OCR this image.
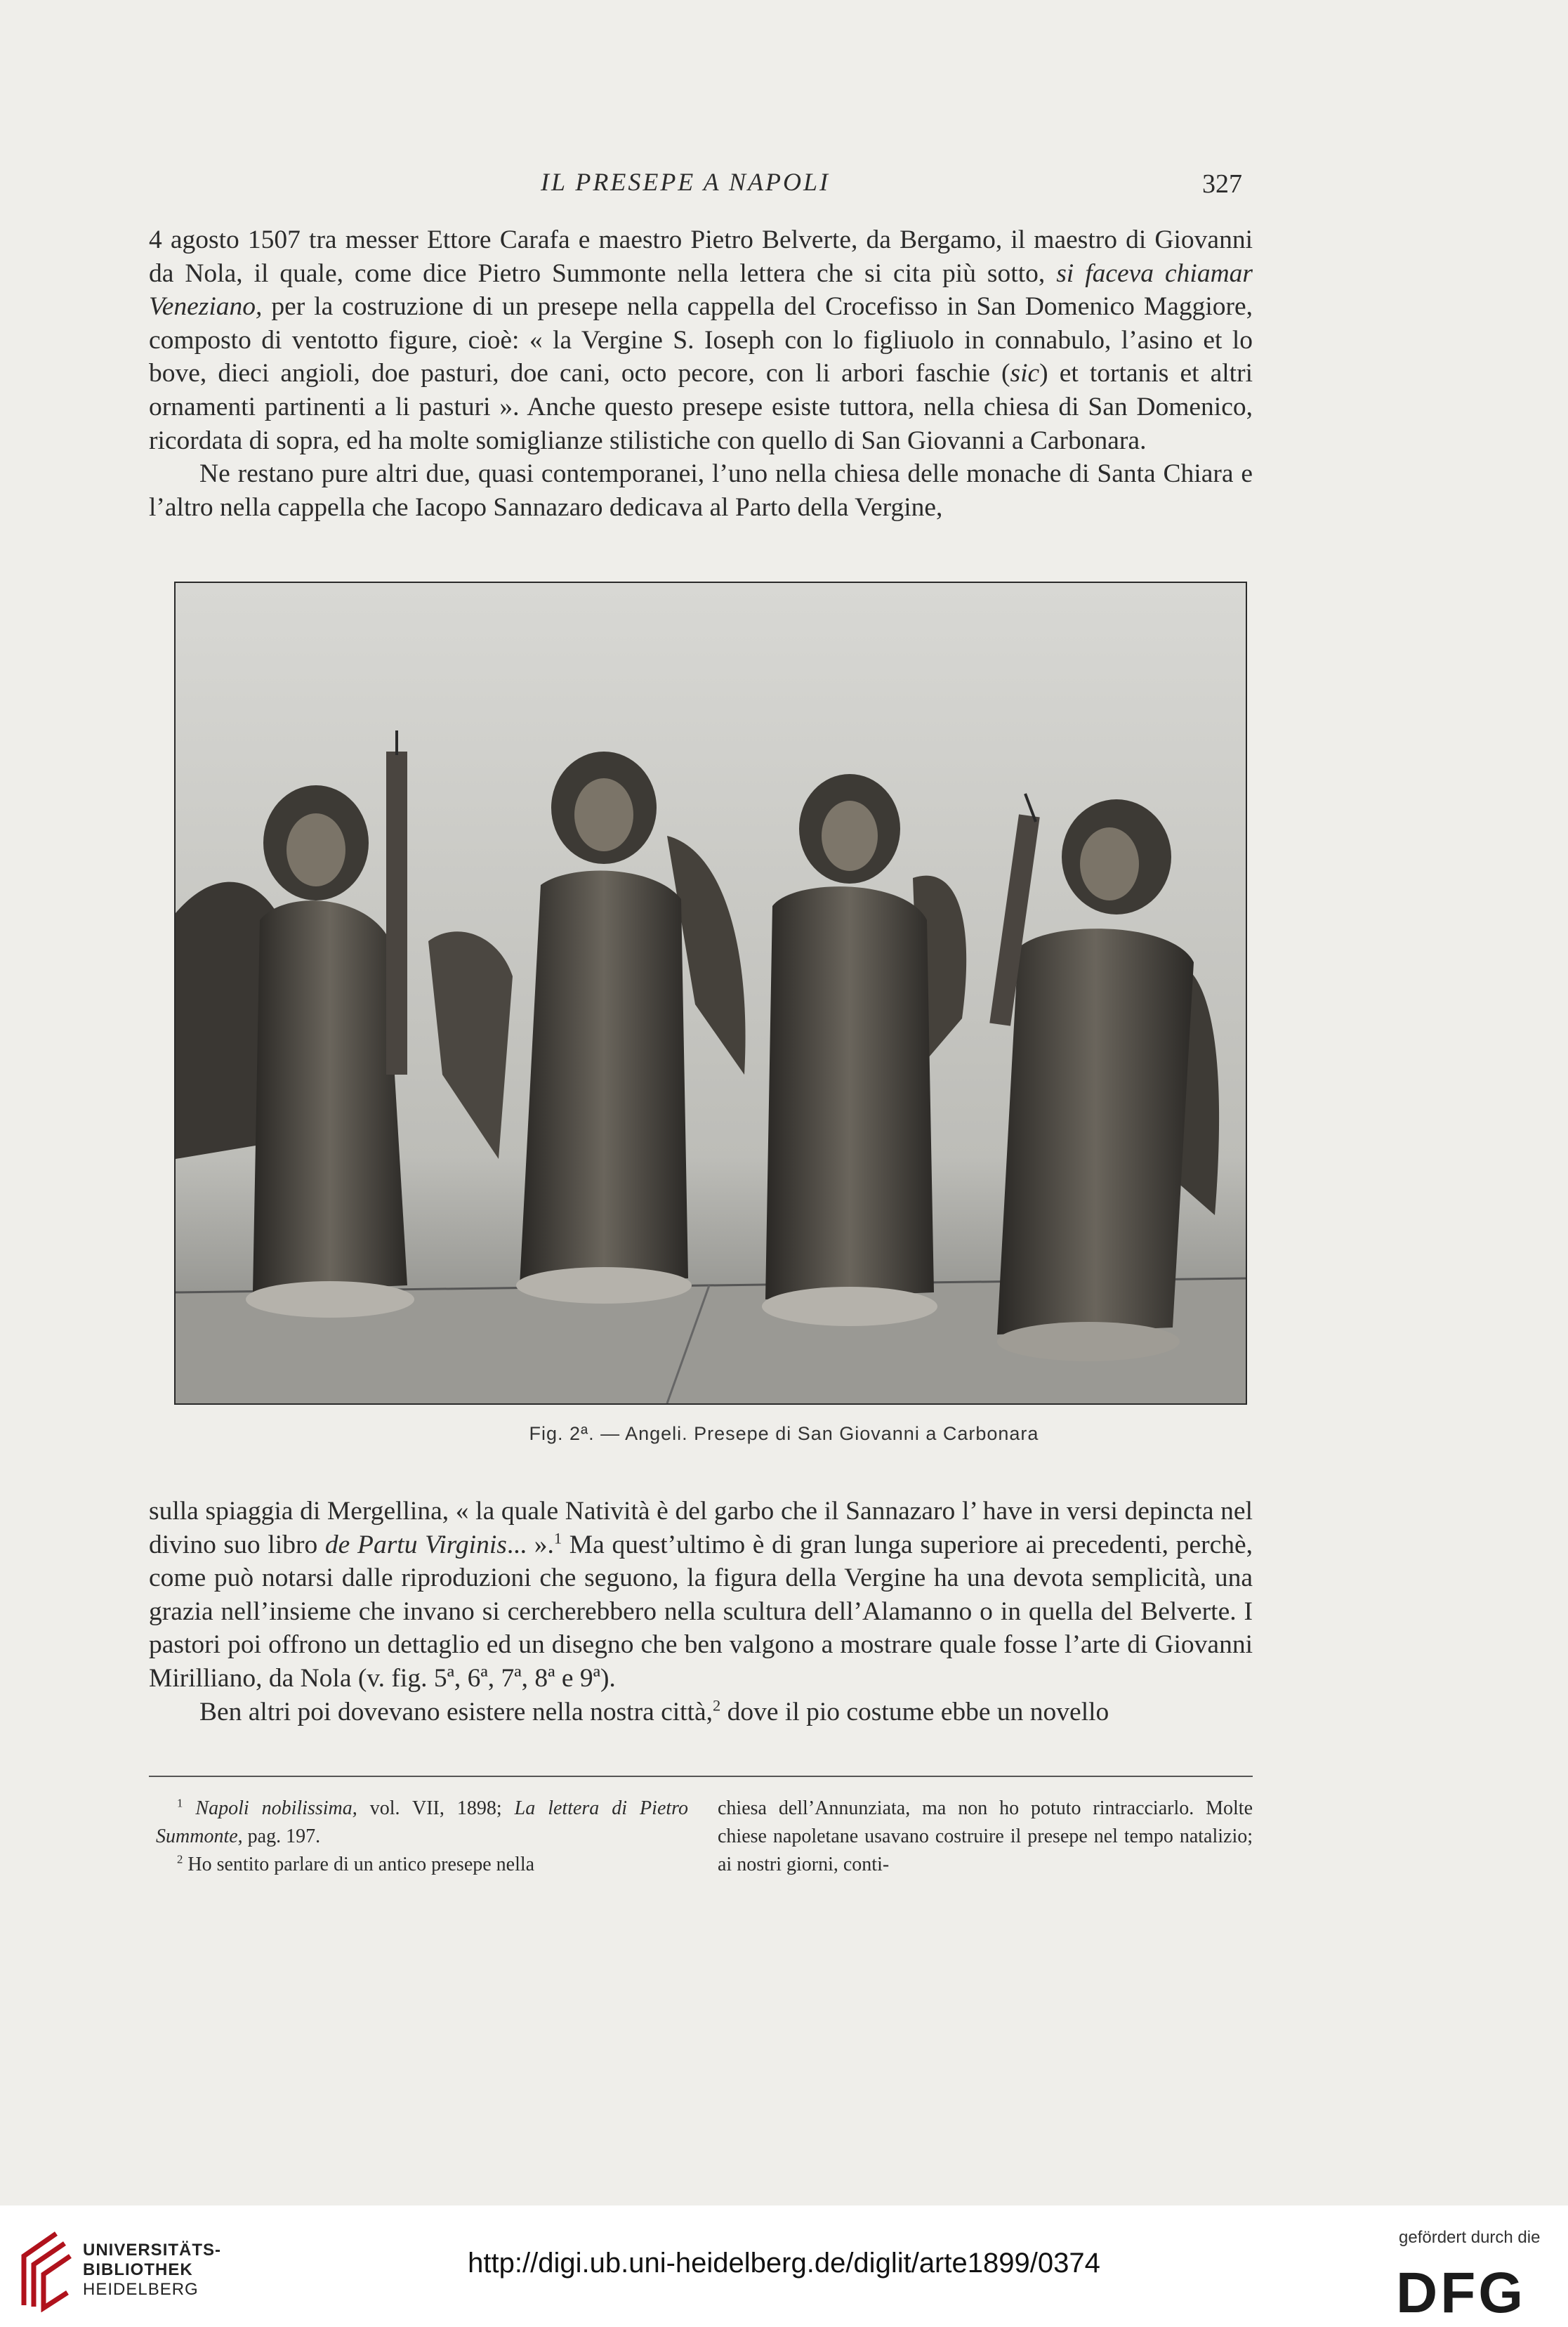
IL PRESEPE A NAPOLI	327

4 agosto 1507 tra messer Ettore Carafa e maestro Pietro Belverte, da Bergamo, il maestro di Giovanni da Nola, il quale, come dice Pietro Summonte nella lettera che si cita più sotto, si faceva chiamar Veneziano, per la costruzione di un presepe nella cappella del Crocefisso in San Domenico Maggiore, composto di ventotto figure, cioè: « la Vergine S. Ioseph con lo figliuolo in connabulo, l’asino et lo bove, dieci angioli, doe pasturi, doe cani, octo pecore, con li arbori faschie (sic) et tortanis et altri ornamenti partinenti a li pasturi ». Anche questo presepe esiste tuttora, nella chiesa di San Domenico, ricordata di sopra, ed ha molte somiglianze stilistiche con quello di San Giovanni a Carbonara.

Ne restano pure altri due, quasi contemporanei, l’uno nella chiesa delle monache di Santa Chiara e l’altro nella cappella che Iacopo Sannazaro dedicava al Parto della Vergine,

Fig. 2ª. — Angeli. Presepe di San Giovanni a Carbonara

sulla spiaggia di Mergellina, « la quale Natività è del garbo che il Sannazaro l’ have in versi depincta nel divino suo libro de Partu Virginis... ».$^1$ Ma quest’ultimo è di gran lunga superiore ai precedenti, perchè, come può notarsi dalle riproduzioni che seguono, la figura della Vergine ha una devota semplicità, una grazia nell’insieme che invano si cercherebbero nella scultura dell’Alamanno o in quella del Belverte. I pastori poi offrono un dettaglio ed un disegno che ben valgono a mostrare quale fosse l’arte di Giovanni Mirilliano, da Nola (v. fig. 5ª, 6ª, 7ª, 8ª e 9ª).

Ben altri poi dovevano esistere nella nostra città,$^2$ dove il pio costume ebbe un novello

$^1$ Napoli nobilissima, vol. VII, 1898; La lettera di Pietro Summonte, pag. 197.

$^2$ Ho sentito parlare di un antico presepe nella

chiesa dell’Annunziata, ma non ho potuto rintracciarlo. Molte chiese napoletane usavano costruire il presepe nel tempo natalizio; ai nostri giorni, conti-

UNIVERSITÄTS-
BIBLIOTHEK
HEIDELBERG
http://digi.ub.uni-heidelberg.de/diglit/arte1899/0374
gefördert durch die
DFG
